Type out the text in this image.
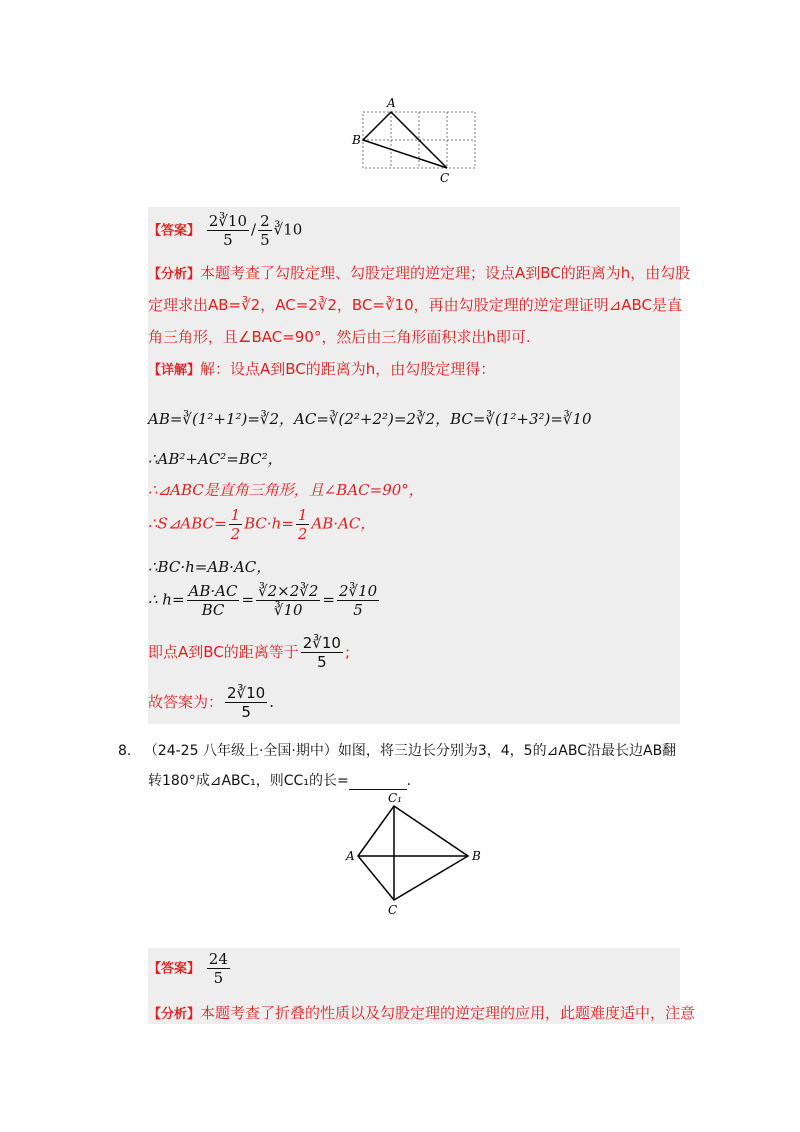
A
B
C
【答案】 $\frac{2∛10}{5} / \frac{2}{5}$ ∛10
【分析】本题考查了勾股定理、勾股定理的逆定理；设点A到BC的距离为h，由勾股
定理求出AB=∛2，AC=2∛2，BC=∛10，再由勾股定理的逆定理证明⊿ABC是直
角三角形，且∠BAC=90°，然后由三角形面积求出h即可.
【详解】解：设点A到BC的距离为h，由勾股定理得：
AB=∛(1²+1²)=∛2，AC=∛(2²+2²)=2∛2，BC=∛(1²+3²)=∛10
∴AB²+AC²=BC²，
∴⊿ABC是直角三角形，且∠BAC=90°，
∴S⊿ABC= $\frac{1}{2} BC\cdot h= \frac{1}{2} AB\cdot AC$，
∴BC·h=AB·AC，
∴ $h= \frac{AB\cdot AC}{BC} = \frac{∛2\times 2∛2}{∛10} = \frac{2∛10}{5}$
即点A到BC的距离等于 $\frac{2∛10}{5}$ ;
故答案为： $\frac{2∛10}{5}$ .
8. （24-25 八年级上·全国·期中）如图，将三边长分别为3，4，5的⊿ABC沿最长边AB翻
转180°成⊿ABC₁，则CC₁的长=	.
C₁
A	B
C
【答案】 $\frac{24}{5}$
【分析】本题考查了折叠的性质以及勾股定理的逆定理的应用，此题难度适中，注意
